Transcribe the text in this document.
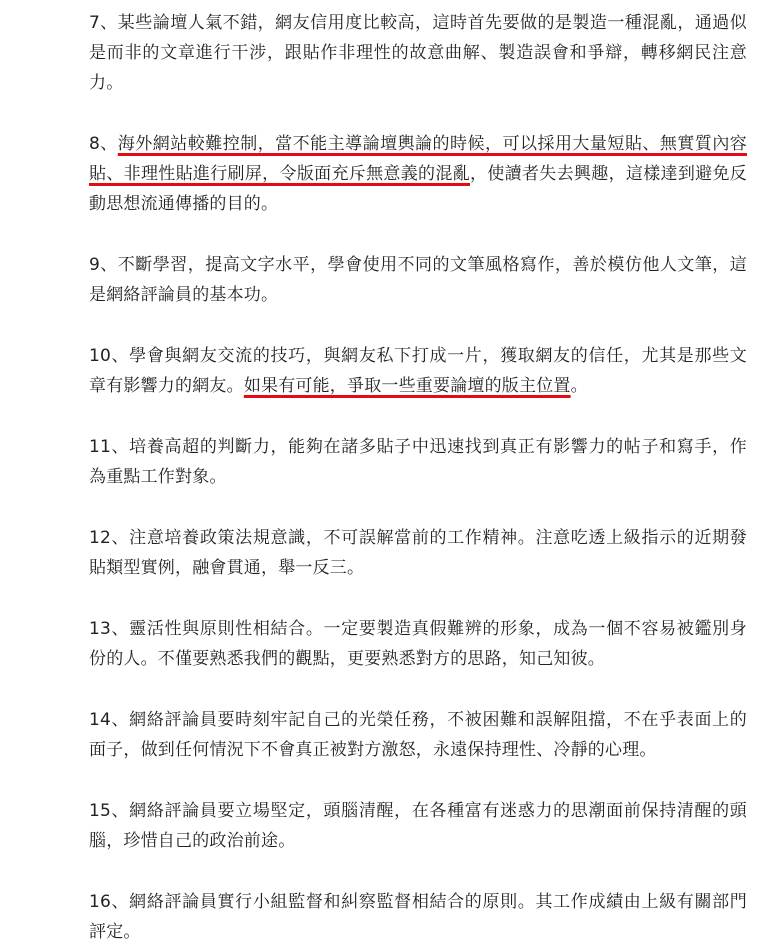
7、某些論壇人氣不錯，網友信用度比較高，這時首先要做的是製造一種混亂，通過似是而非的文章進行干涉，跟貼作非理性的故意曲解、製造誤會和爭辯，轉移網民注意力。

8、海外網站較難控制，當不能主導論壇輿論的時候，可以採用大量短貼、無實質內容貼、非理性貼進行刷屏，令版面充斥無意義的混亂，使讀者失去興趣，這樣達到避免反動思想流通傳播的目的。

9、不斷學習，提高文字水平，學會使用不同的文筆風格寫作，善於模仿他人文筆，這是網絡評論員的基本功。

10、學會與網友交流的技巧，與網友私下打成一片，獲取網友的信任，尤其是那些文章有影響力的網友。如果有可能，爭取一些重要論壇的版主位置。

11、培養高超的判斷力，能夠在諸多貼子中迅速找到真正有影響力的帖子和寫手，作為重點工作對象。

12、注意培養政策法規意識，不可誤解當前的工作精神。注意吃透上級指示的近期發貼類型實例，融會貫通，舉一反三。

13、靈活性與原則性相結合。一定要製造真假難辨的形象，成為一個不容易被鑑別身份的人。不僅要熟悉我們的觀點，更要熟悉對方的思路，知己知彼。

14、網絡評論員要時刻牢記自己的光榮任務，不被困難和誤解阻擋，不在乎表面上的面子，做到任何情況下不會真正被對方激怒，永遠保持理性、冷靜的心理。

15、網絡評論員要立場堅定，頭腦清醒，在各種富有迷惑力的思潮面前保持清醒的頭腦，珍惜自己的政治前途。

16、網絡評論員實行小組監督和糾察監督相結合的原則。其工作成績由上級有關部門評定。
